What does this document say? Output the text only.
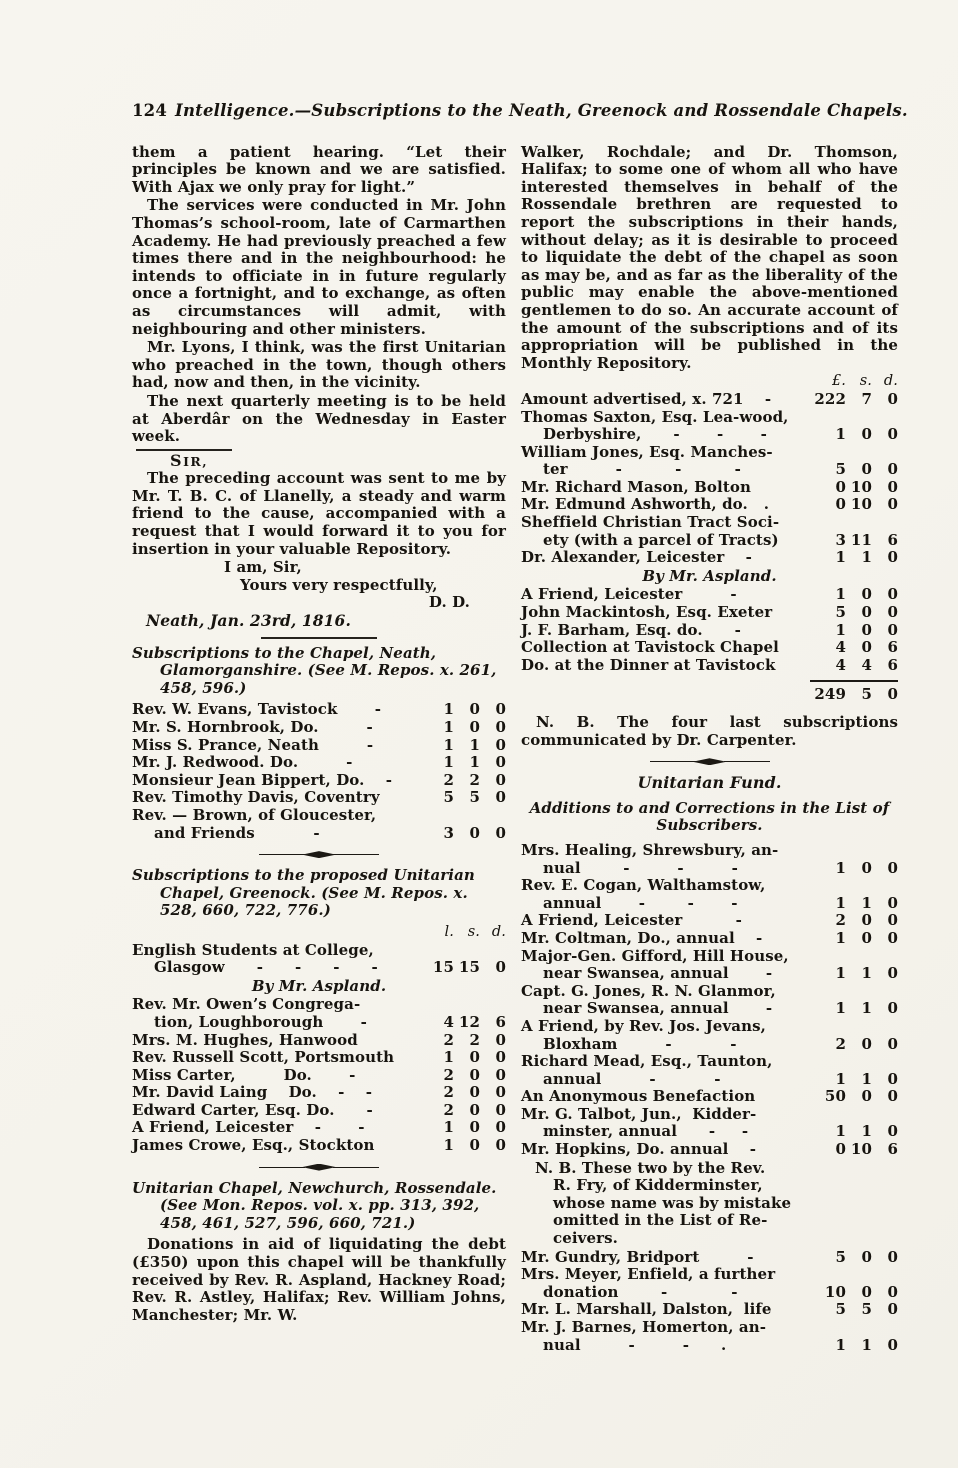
124 Intelligence.—Subscriptions to the Neath, Greenock and Rossendale Chapels.

them a patient hearing. “Let their principles be known and we are satisfied. With Ajax we only pray for light.”

The services were conducted in Mr. John Thomas’s school-room, late of Carmarthen Academy. He had previously preached a few times there and in the neighbourhood: he intends to officiate in in future regularly once a fortnight, and to exchange, as often as circumstances will admit, with neighbouring and other ministers.

Mr. Lyons, I think, was the first Unitarian who preached in the town, though others had, now and then, in the vicinity.

The next quarterly meeting is to be held at Aberdâr on the Wednesday in Easter week.

SIR,

The preceding account was sent to me by Mr. T. B. C. of Llanelly, a steady and warm friend to the cause, accompanied with a request that I would forward it to you for insertion in your valuable Repository.

I am, Sir,
Yours very respectfully,
D. D.
Neath, Jan. 23rd, 1816.
Subscriptions to the Chapel, Neath, Glamorganshire. (See M. Repos. x. 261, 458, 596.)
Rev. W. Evans, Tavistock       -	1	0	0
Mr. S. Hornbrook, Do.         -	1	0	0
Miss S. Prance, Neath         -	1	1	0
Mr. J. Redwood. Do.         -	1	1	0
Monsieur Jean Bippert, Do.    -	2	2	0
Rev. Timothy Davis, Coventry	5	5	0
Rev. — Brown, of Gloucester,
and Friends           -	3	0	0
Subscriptions to the proposed Unitarian Chapel, Greenock. (See M. Repos. x. 528, 660, 722, 776.)
l. s. d.
English Students at College,
Glasgow      -      -      -      -	15 15	0
By Mr. Aspland.
Rev. Mr. Owen’s Congrega-
tion, Loughborough       -	4 12	6
Mrs. M. Hughes, Hanwood	2	2	0
Rev. Russell Scott, Portsmouth	1	0	0
Miss Carter,         Do.       -	2	0	0
Mr. David Laing    Do.    -    -	2	0	0
Edward Carter, Esq. Do.      -	2	0	0
A Friend, Leicester    -       -	1	0	0
James Crowe, Esq., Stockton	1	0	0
Unitarian Chapel, Newchurch, Rossendale. (See Mon. Repos. vol. x. pp. 313, 392, 458, 461, 527, 596, 660, 721.)

Donations in aid of liquidating the debt (£350) upon this chapel will be thankfully received by Rev. R. Aspland, Hackney Road; Rev. R. Astley, Halifax; Rev. William Johns, Manchester; Mr. W.

Walker, Rochdale; and Dr. Thomson, Halifax; to some one of whom all who have interested themselves in behalf of the Rossendale brethren are requested to report the subscriptions in their hands, without delay; as it is desirable to proceed to liquidate the debt of the chapel as soon as may be, and as far as the liberality of the public may enable the above-mentioned gentlemen to do so. An accurate account of the amount of the subscriptions and of its appropriation will be published in the Monthly Repository.

£. s. d.
Amount advertised, x. 721    -	222	7	0
Thomas Saxton, Esq. Lea-wood,
Derbyshire,      -       -       -	1	0	0
William Jones, Esq. Manches-
ter         -          -          -	5	0	0
Mr. Richard Mason, Bolton	0 10	0
Mr. Edmund Ashworth, do.   .	0 10	0
Sheffield Christian Tract Soci-
ety (with a parcel of Tracts)	3 11	6
Dr. Alexander, Leicester    -	1	1	0
By Mr. Aspland.
A Friend, Leicester         -	1	0	0
John Mackintosh, Esq. Exeter	5	0	0
J. F. Barham, Esq. do.      -	1	0	0
Collection at Tavistock Chapel	4	0	6
Do. at the Dinner at Tavistock	4	4	6
249	5	0

N. B. The four last subscriptions communicated by Dr. Carpenter.

Unitarian Fund.
Additions to and Corrections in the List of Subscribers.
Mrs. Healing, Shrewsbury, an-
nual        -         -         -	1	0	0
Rev. E. Cogan, Walthamstow,
annual       -        -       -	1	1	0
A Friend, Leicester          -	2	0	0
Mr. Coltman, Do., annual    -	1	0	0
Major-Gen. Gifford, Hill House,
near Swansea, annual       -	1	1	0
Capt. G. Jones, R. N. Glanmor,
near Swansea, annual       -	1	1	0
A Friend, by Rev. Jos. Jevans,
Bloxham         -           -	2	0	0
Richard Mead, Esq., Taunton,
annual         -           -	1	1	0
An Anonymous Benefaction	50	0	0
Mr. G. Talbot, Jun.,  Kidder-
minster, annual      -     -	1	1	0
Mr. Hopkins, Do. annual    -	0 10	6
N. B. These two by the Rev.
R. Fry, of Kidderminster,
whose name was by mistake
omitted in the List of Re-
ceivers.
Mr. Gundry, Bridport         -	5	0	0
Mrs. Meyer, Enfield, a further
donation        -            -	10	0	0
Mr. L. Marshall, Dalston,  life	5	5	0
Mr. J. Barnes, Homerton, an-
nual         -         -      .	1	1	0
